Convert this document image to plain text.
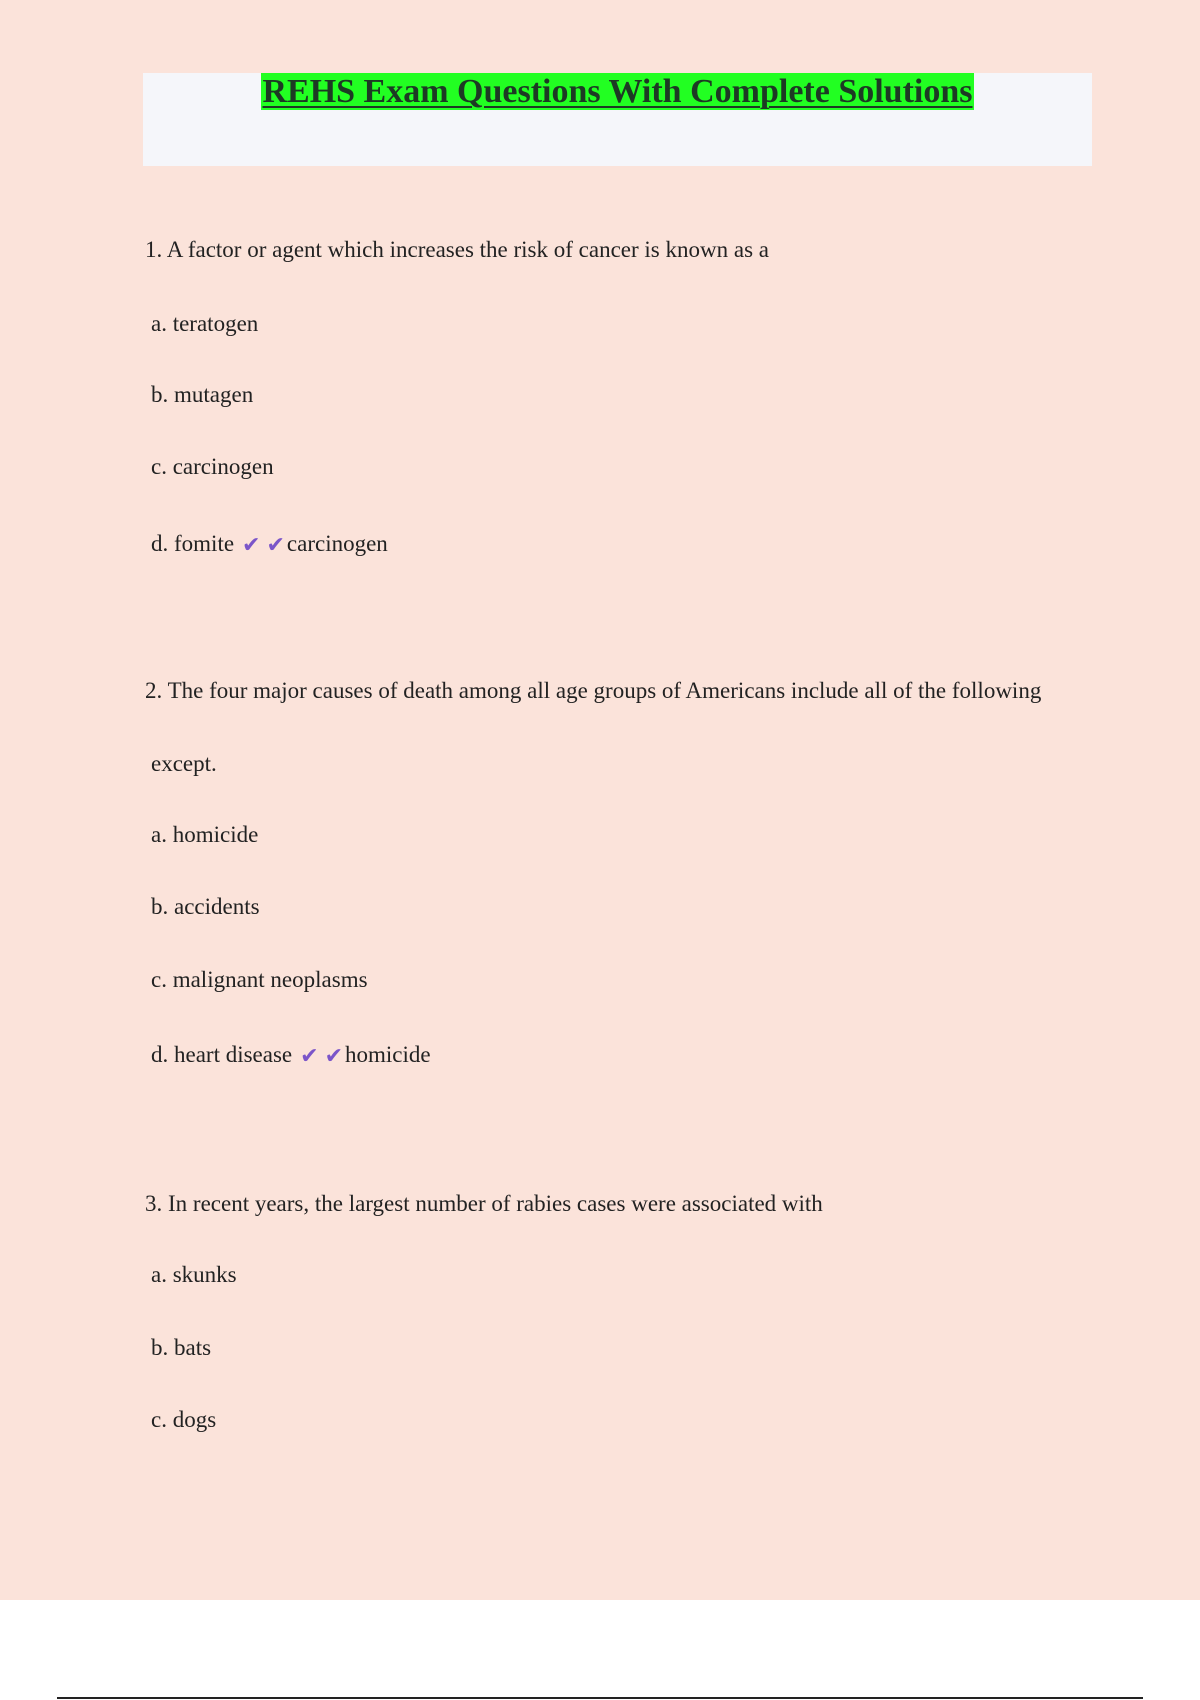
REHS Exam Questions With Complete Solutions
1. A factor or agent which increases the risk of cancer is known as a
a. teratogen
b. mutagen
c. carcinogen
d. fomite ✔ ✔carcinogen
2. The four major causes of death among all age groups of Americans include all of the following
except.
a. homicide
b. accidents
c. malignant neoplasms
d. heart disease ✔ ✔homicide
3. In recent years, the largest number of rabies cases were associated with
a. skunks
b. bats
c. dogs
